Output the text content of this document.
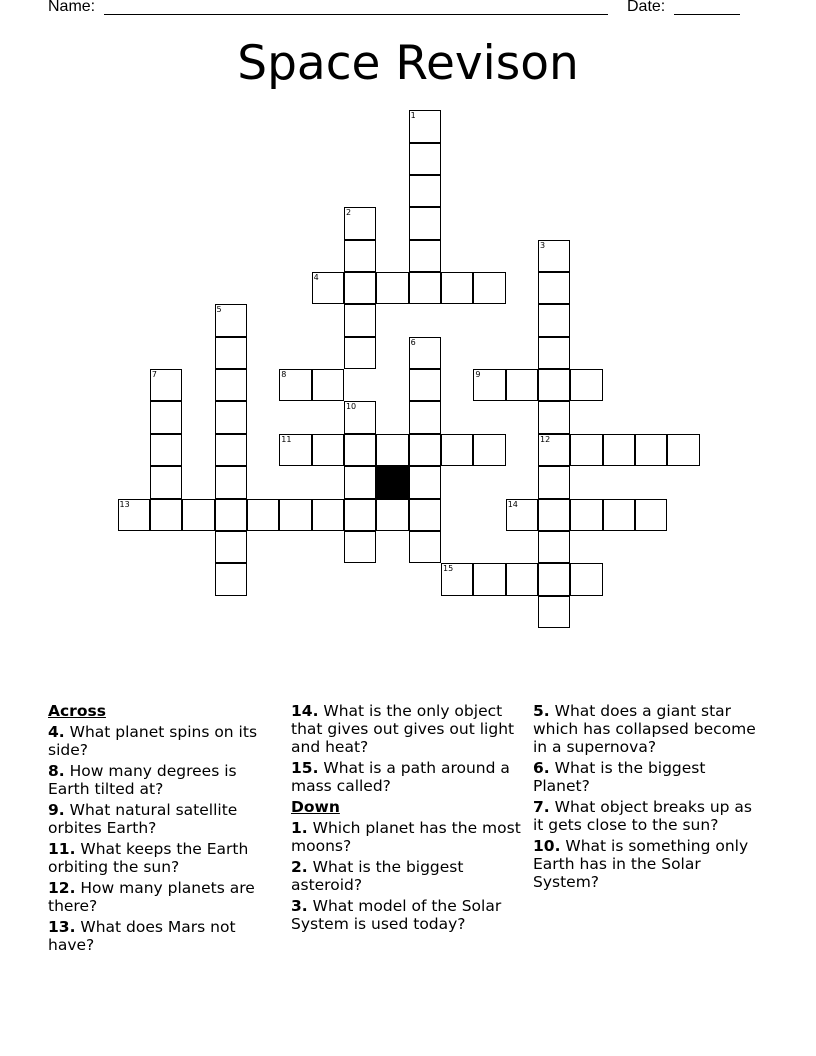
Name:	Date:
Space Revison
1
2
3
4
5
6
7	8	9
10
11	12
13	14
15
Across
4. What planet spins on its side?
8. How many degrees is Earth tilted at?
9. What natural satellite orbites Earth?
11. What keeps the Earth orbiting the sun?
12. How many planets are there?
13. What does Mars not have?
14. What is the only object that gives out gives out light and heat?
15. What is a path around a mass called?
Down
1. Which planet has the most moons?
2. What is the biggest asteroid?
3. What model of the Solar System is used today?
5. What does a giant star which has collapsed become in a supernova?
6. What is the biggest Planet?
7. What object breaks up as it gets close to the sun?
10. What is something only Earth has in the Solar System?
